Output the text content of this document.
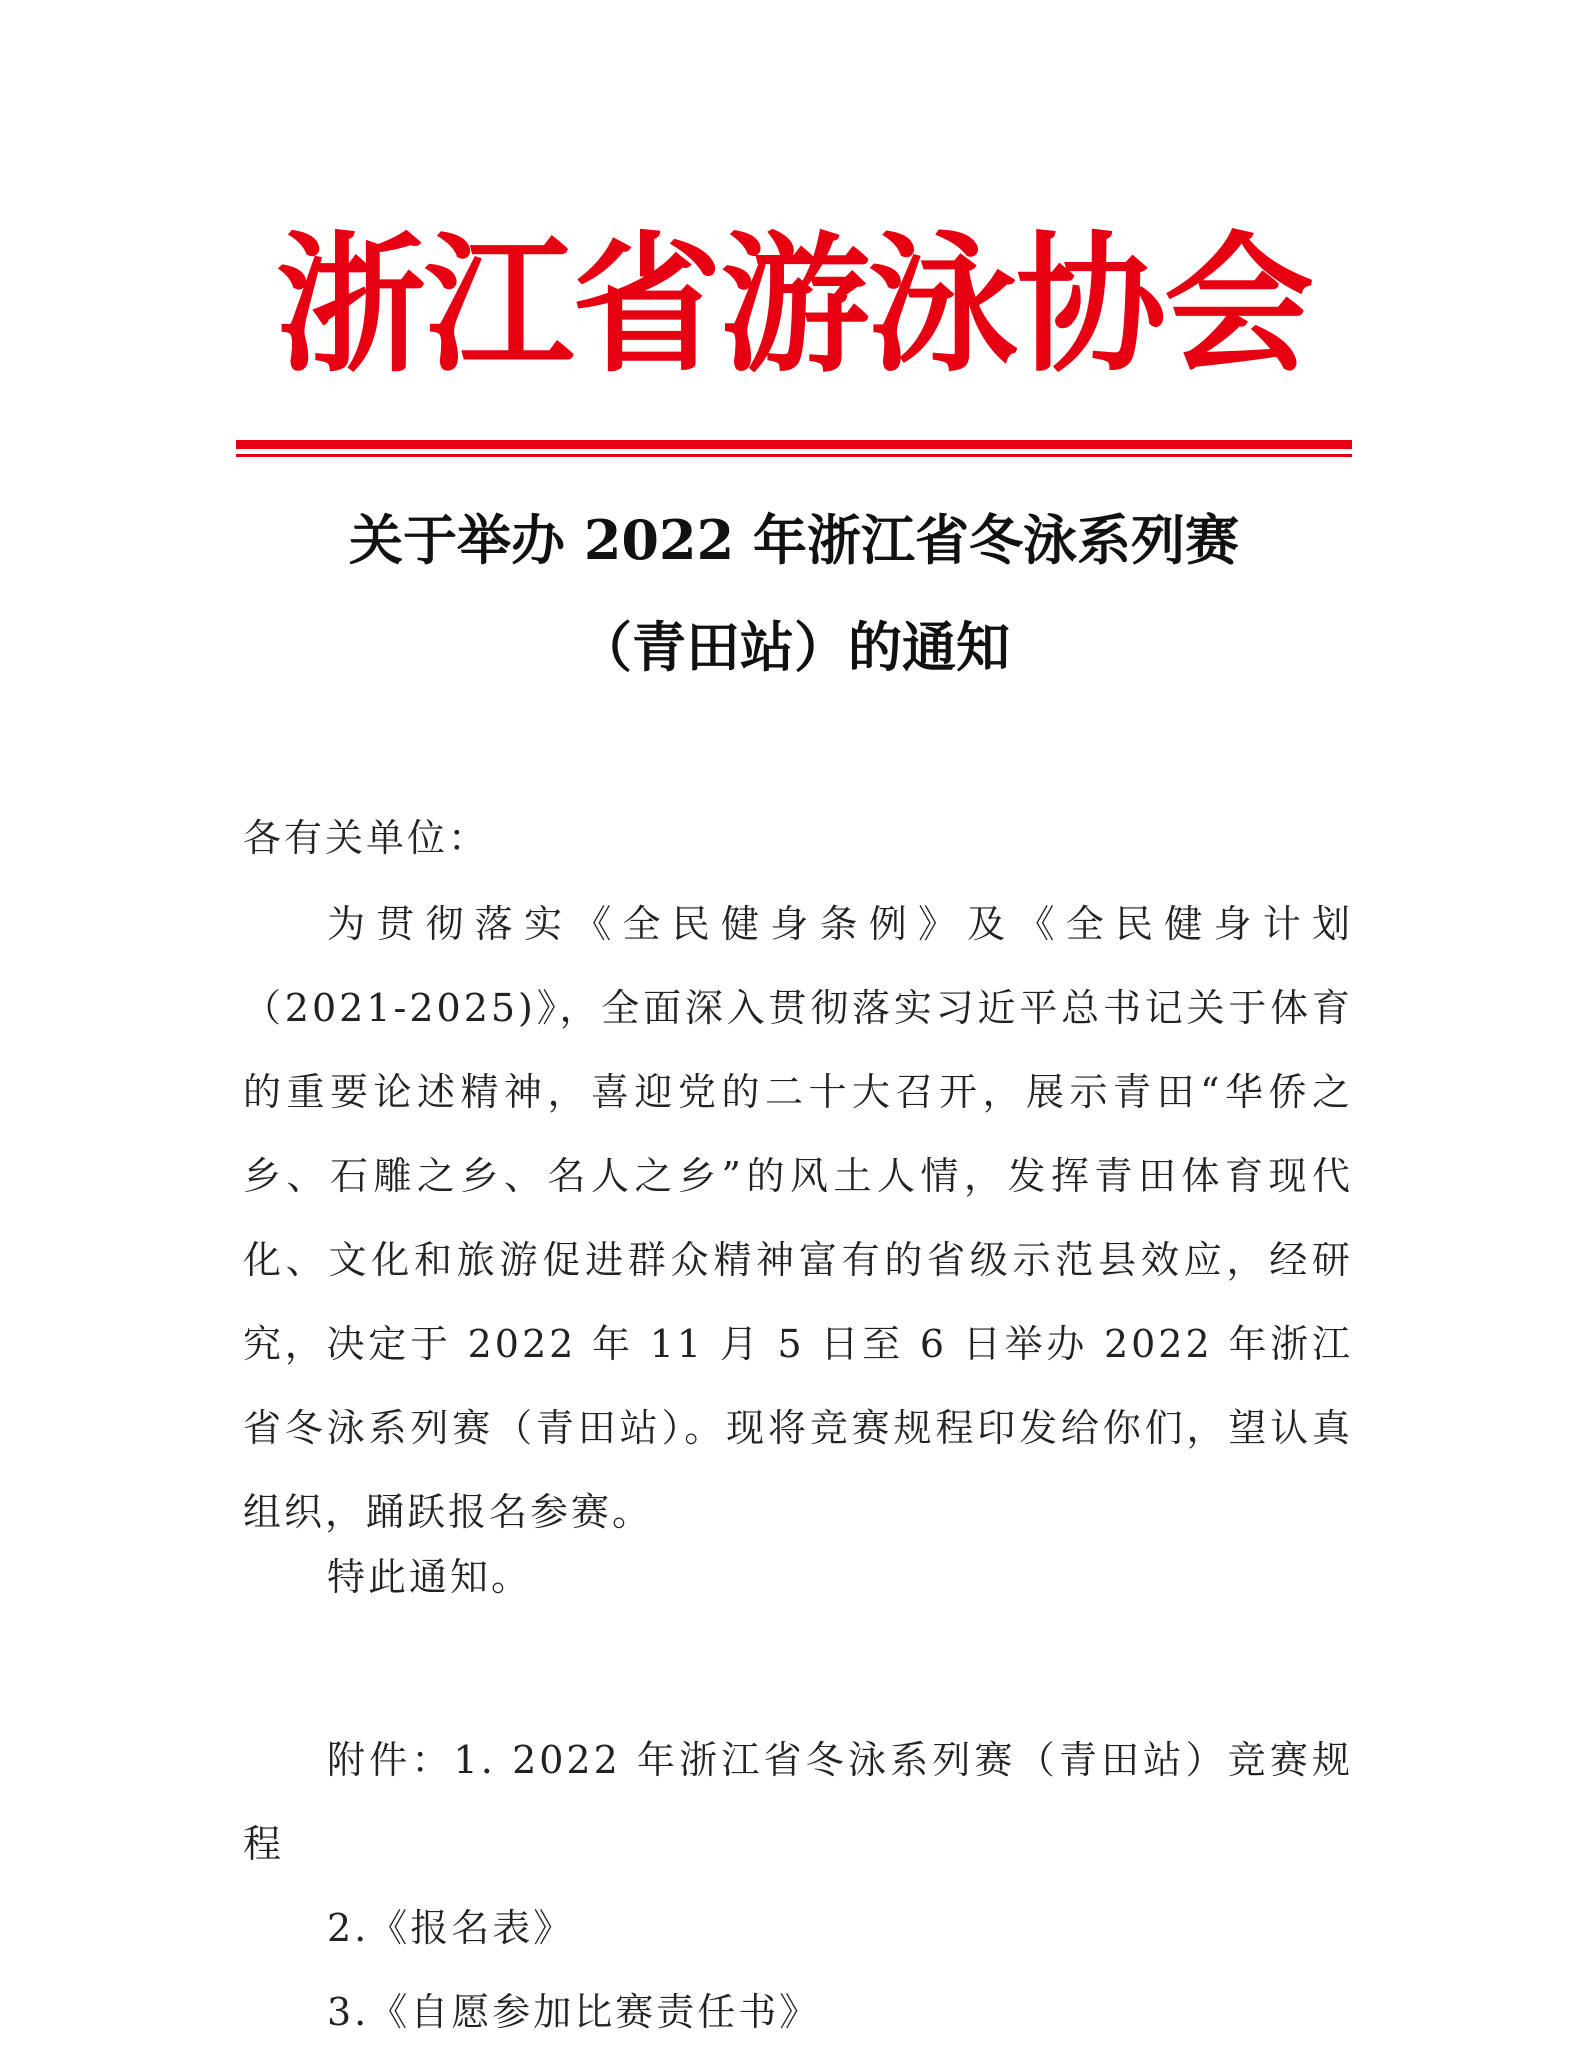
浙江省游泳协会
关于举办 2022 年浙江省冬泳系列赛
（青田站）的通知
各有关单位：
为贯彻落实《全民健身条例》及《全民健身计划（2021-2025)》，全面深入贯彻落实习近平总书记关于体育的重要论述精神，喜迎党的二十大召开，展示青田“华侨之乡、石雕之乡、名人之乡”的风土人情，发挥青田体育现代化、文化和旅游促进群众精神富有的省级示范县效应，经研究，决定于 2022 年 11 月 5 日至 6 日举办 2022 年浙江省冬泳系列赛（青田站）。现将竞赛规程印发给你们，望认真组织，踊跃报名参赛。
特此通知。

附件：1. 2022 年浙江省冬泳系列赛（青田站）竞赛规程

2.《报名表》

3.《自愿参加比赛责任书》
